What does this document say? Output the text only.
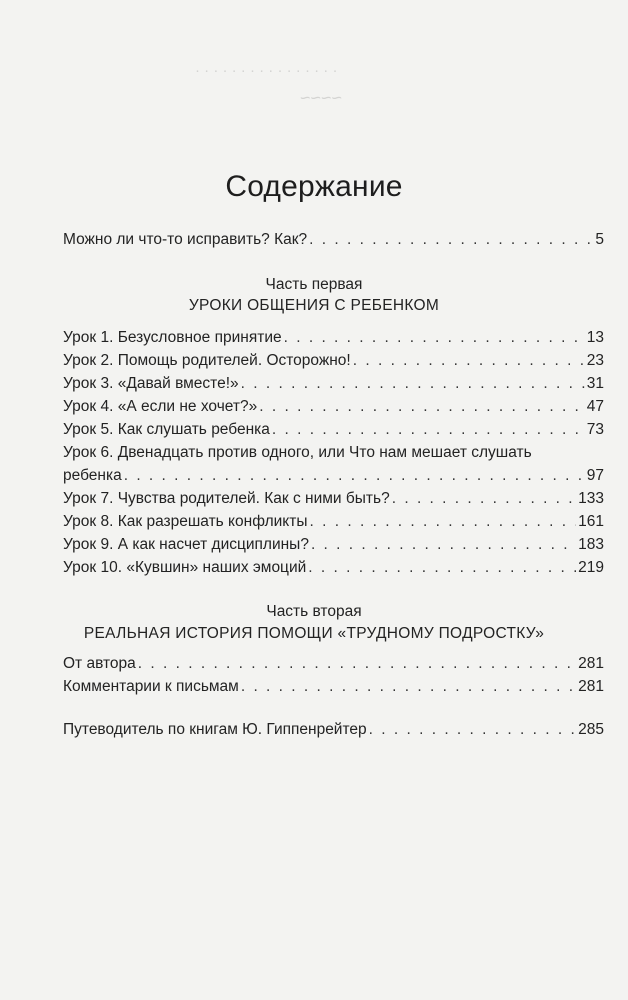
· · · · · · · · · · · · · · · ·
~~~~
Содержание
Можно ли что-то исправить? Как? . . .	5
Часть первая
УРОКИ ОБЩЕНИЯ С РЕБЕНКОМ
Урок 1. Безусловное принятие . . .	13
Урок 2. Помощь родителей. Осторожно! . . .	23
Урок 3. «Давай вместе!» . . .	31
Урок 4. «А если не хочет?» . . .	47
Урок 5. Как слушать ребенка . . .	73
Урок 6. Двенадцать против одного, или Что нам мешает слушать
ребенка . . .	97
Урок 7. Чувства родителей. Как с ними быть? . . .	133
Урок 8. Как разрешать конфликты . . .	161
Урок 9. А как насчет дисциплины? . . .	183
Урок 10. «Кувшин» наших эмоций . . .	219
Часть вторая
РЕАЛЬНАЯ ИСТОРИЯ ПОМОЩИ «ТРУДНОМУ ПОДРОСТКУ»
От автора . . .	281
Комментарии к письмам . . .	281
Путеводитель по книгам Ю. Гиппенрейтер . . .	285
